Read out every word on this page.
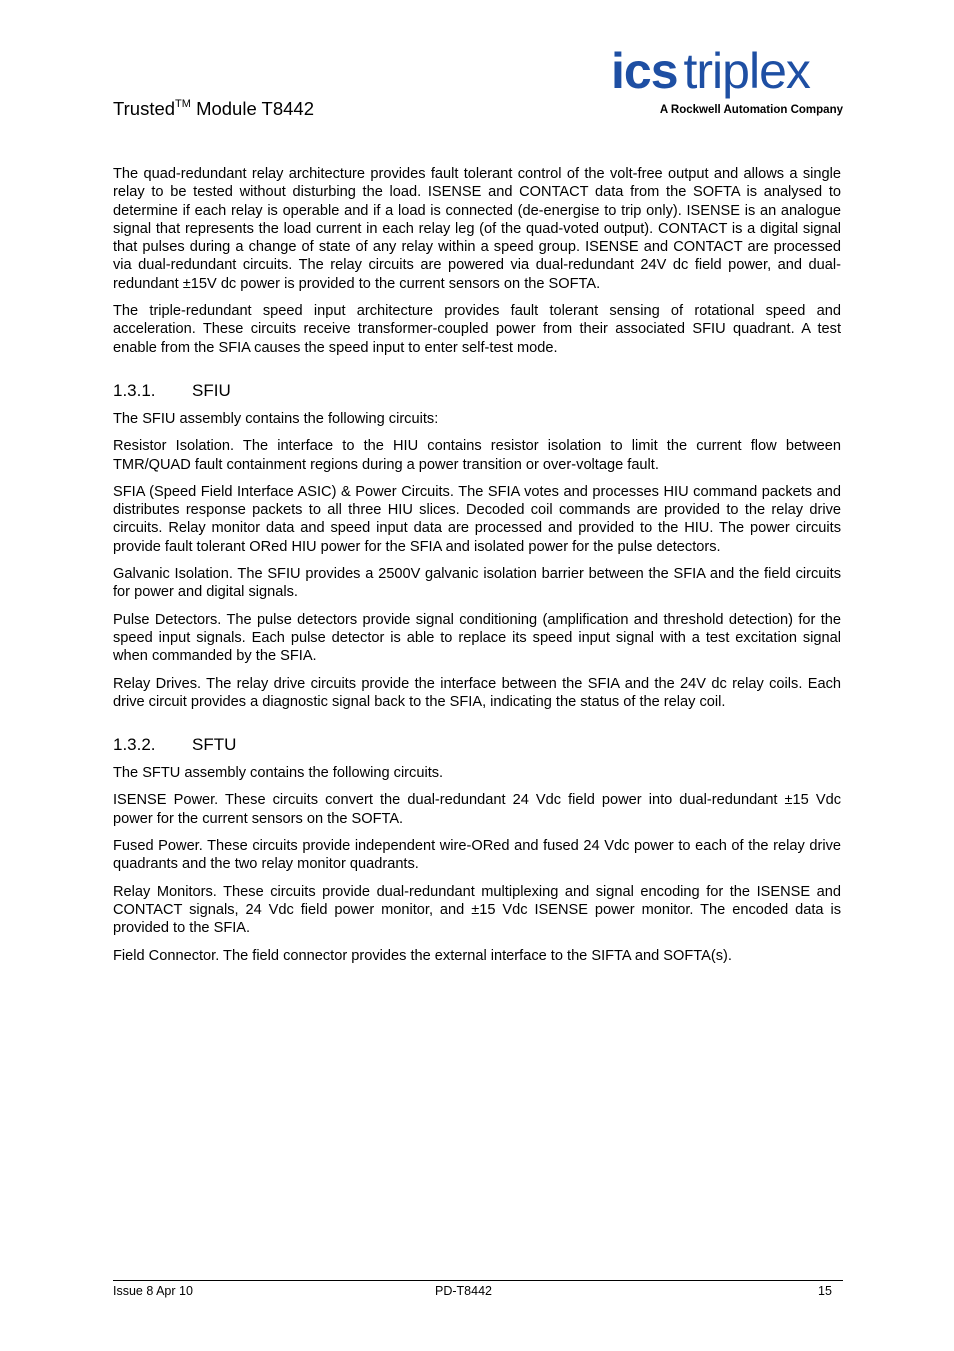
Trusted™ Module T8442
ics triplex
A Rockwell Automation Company

The quad-redundant relay architecture provides fault tolerant control of the volt-free output and allows a single relay to be tested without disturbing the load. ISENSE and CONTACT data from the SOFTA is analysed to determine if each relay is operable and if a load is connected (de-energise to trip only). ISENSE is an analogue signal that represents the load current in each relay leg (of the quad-voted output). CONTACT is a digital signal that pulses during a change of state of any relay within a speed group. ISENSE and CONTACT are processed via dual-redundant circuits. The relay circuits are powered via dual-redundant 24V dc field power, and dual-redundant ±15V dc power is provided to the current sensors on the SOFTA.

The triple-redundant speed input architecture provides fault tolerant sensing of rotational speed and acceleration. These circuits receive transformer-coupled power from their associated SFIU quadrant. A test enable from the SFIA causes the speed input to enter self-test mode.

1.3.1. SFIU

The SFIU assembly contains the following circuits:

Resistor Isolation. The interface to the HIU contains resistor isolation to limit the current flow between TMR/QUAD fault containment regions during a power transition or over-voltage fault.

SFIA (Speed Field Interface ASIC) & Power Circuits. The SFIA votes and processes HIU command packets and distributes response packets to all three HIU slices. Decoded coil commands are provided to the relay drive circuits. Relay monitor data and speed input data are processed and provided to the HIU. The power circuits provide fault tolerant ORed HIU power for the SFIA and isolated power for the pulse detectors.

Galvanic Isolation. The SFIU provides a 2500V galvanic isolation barrier between the SFIA and the field circuits for power and digital signals.

Pulse Detectors. The pulse detectors provide signal conditioning (amplification and threshold detection) for the speed input signals. Each pulse detector is able to replace its speed input signal with a test excitation signal when commanded by the SFIA.

Relay Drives. The relay drive circuits provide the interface between the SFIA and the 24V dc relay coils. Each drive circuit provides a diagnostic signal back to the SFIA, indicating the status of the relay coil.

1.3.2. SFTU

The SFTU assembly contains the following circuits.

ISENSE Power. These circuits convert the dual-redundant 24 Vdc field power into dual-redundant ±15 Vdc power for the current sensors on the SOFTA.

Fused Power. These circuits provide independent wire-ORed and fused 24 Vdc power to each of the relay drive quadrants and the two relay monitor quadrants.

Relay Monitors. These circuits provide dual-redundant multiplexing and signal encoding for the ISENSE and CONTACT signals, 24 Vdc field power monitor, and ±15 Vdc ISENSE power monitor. The encoded data is provided to the SFIA.

Field Connector. The field connector provides the external interface to the SIFTA and SOFTA(s).

Issue 8 Apr 10	PD-T8442	15
